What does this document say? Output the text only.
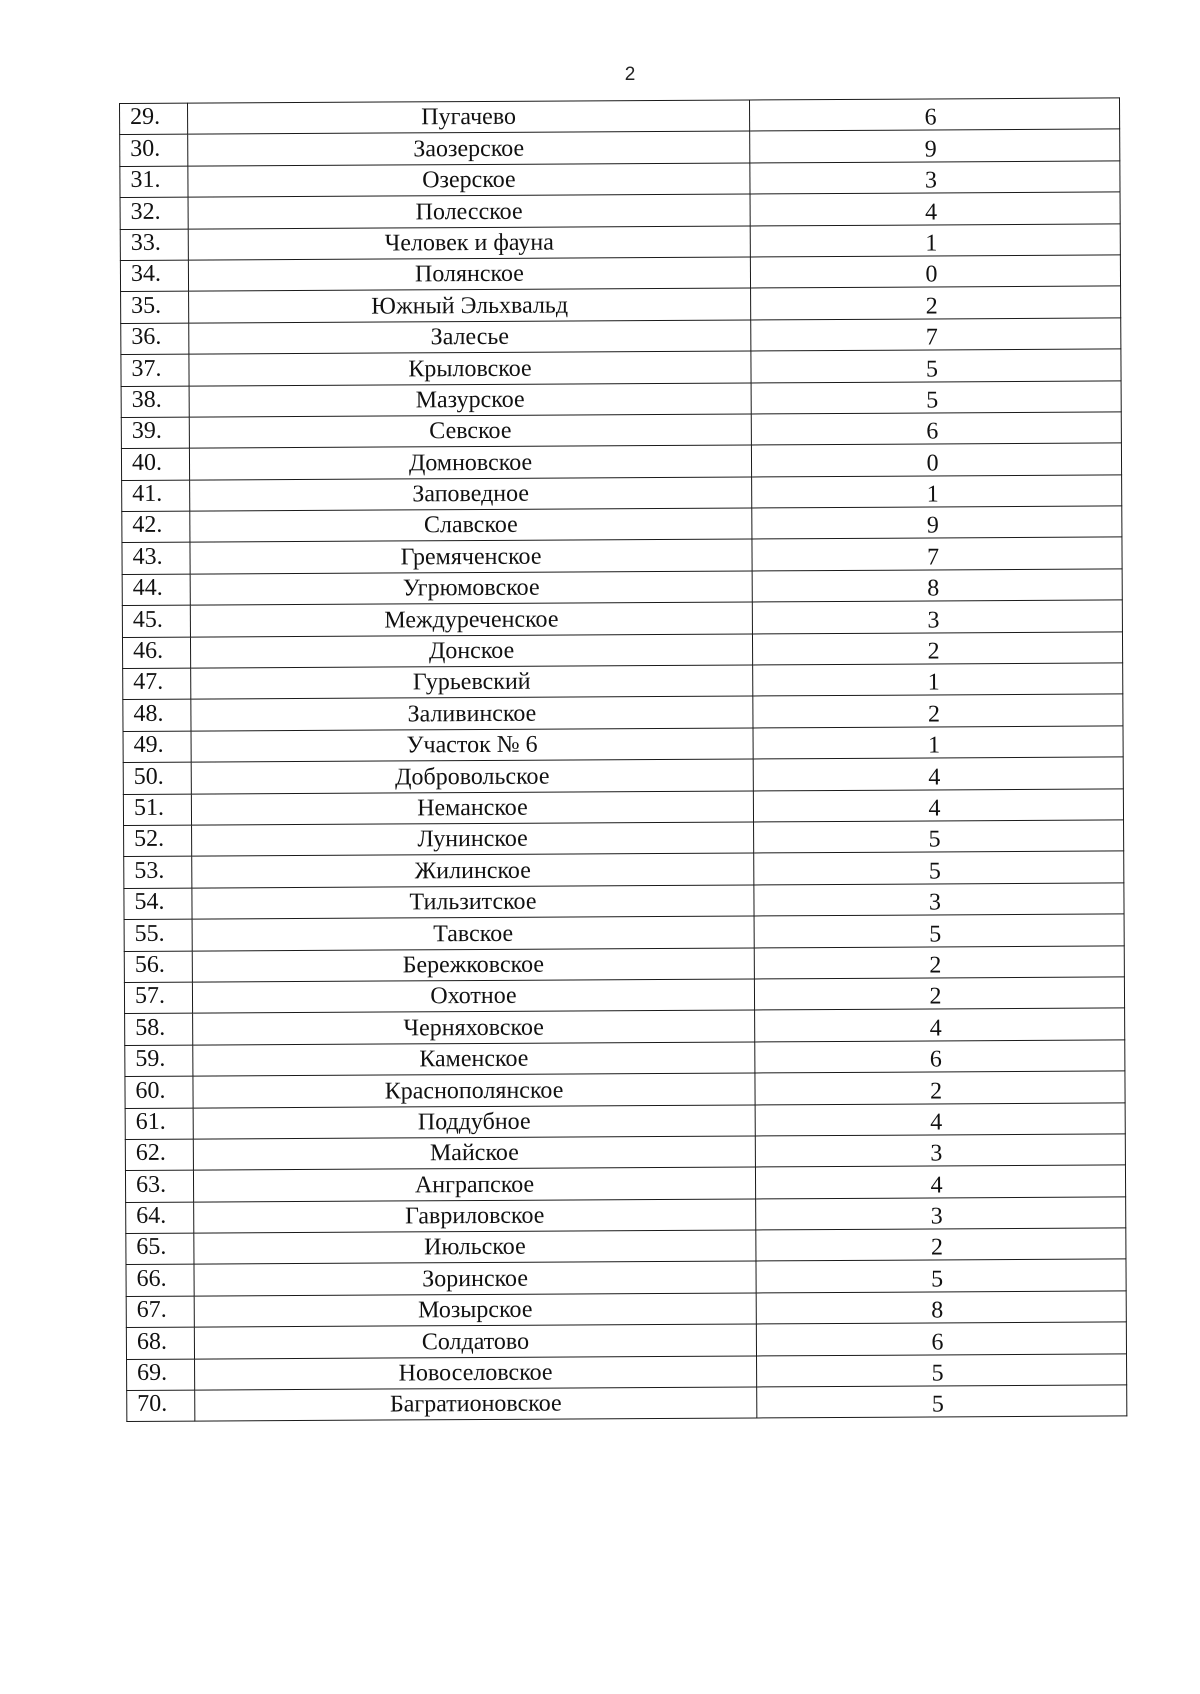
2
29.	Пугачево	6
30.	Заозерское	9
31.	Озерское	3
32.	Полесское	4
33.	Человек и фауна	1
34.	Полянское	0
35.	Южный Эльхвальд	2
36.	Залесье	7
37.	Крыловское	5
38.	Мазурское	5
39.	Севское	6
40.	Домновское	0
41.	Заповедное	1
42.	Славское	9
43.	Гремяченское	7
44.	Угрюмовское	8
45.	Междуреченское	3
46.	Донское	2
47.	Гурьевский	1
48.	Заливинское	2
49.	Участок № 6	1
50.	Добровольское	4
51.	Неманское	4
52.	Лунинское	5
53.	Жилинское	5
54.	Тильзитское	3
55.	Тавское	5
56.	Бережковское	2
57.	Охотное	2
58.	Черняховское	4
59.	Каменское	6
60.	Краснополянское	2
61.	Поддубное	4
62.	Майское	3
63.	Анграпское	4
64.	Гавриловское	3
65.	Июльское	2
66.	Зоринское	5
67.	Мозырское	8
68.	Солдатово	6
69.	Новоселовское	5
70.	Багратионовское	5
